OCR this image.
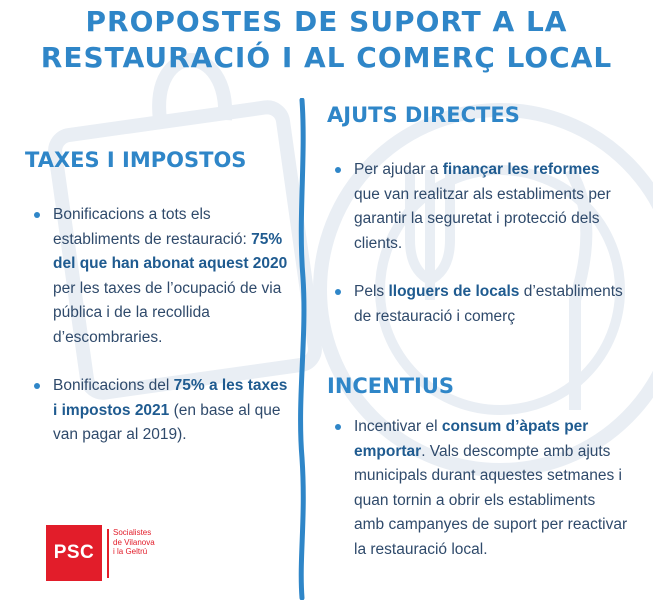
PROPOSTES DE SUPORT A LA
RESTAURACIÓ I AL COMERÇ LOCAL
TAXES I IMPOSTOS
Bonificacions a tots els establiments de restauració: 75% del que han abonat aquest 2020 per les taxes de l’ocupació de via pública i de la recollida d’escombraries.
Bonificacions del 75% a les taxes i impostos 2021 (en base al que van pagar al 2019).
AJUTS DIRECTES
Per ajudar a finançar les reformes que van realitzar als establiments per garantir la seguretat i protecció dels clients.
Pels lloguers de locals d’establiments de restauració i comerç
INCENTIUS
Incentivar el consum d’àpats per emportar. Vals descompte amb ajuts municipals durant aquestes setmanes i quan tornin a obrir els establiments amb campanyes de suport per reactivar la restauració local.
PSC
Socialistes
de Vilanova
i la Geltrú
